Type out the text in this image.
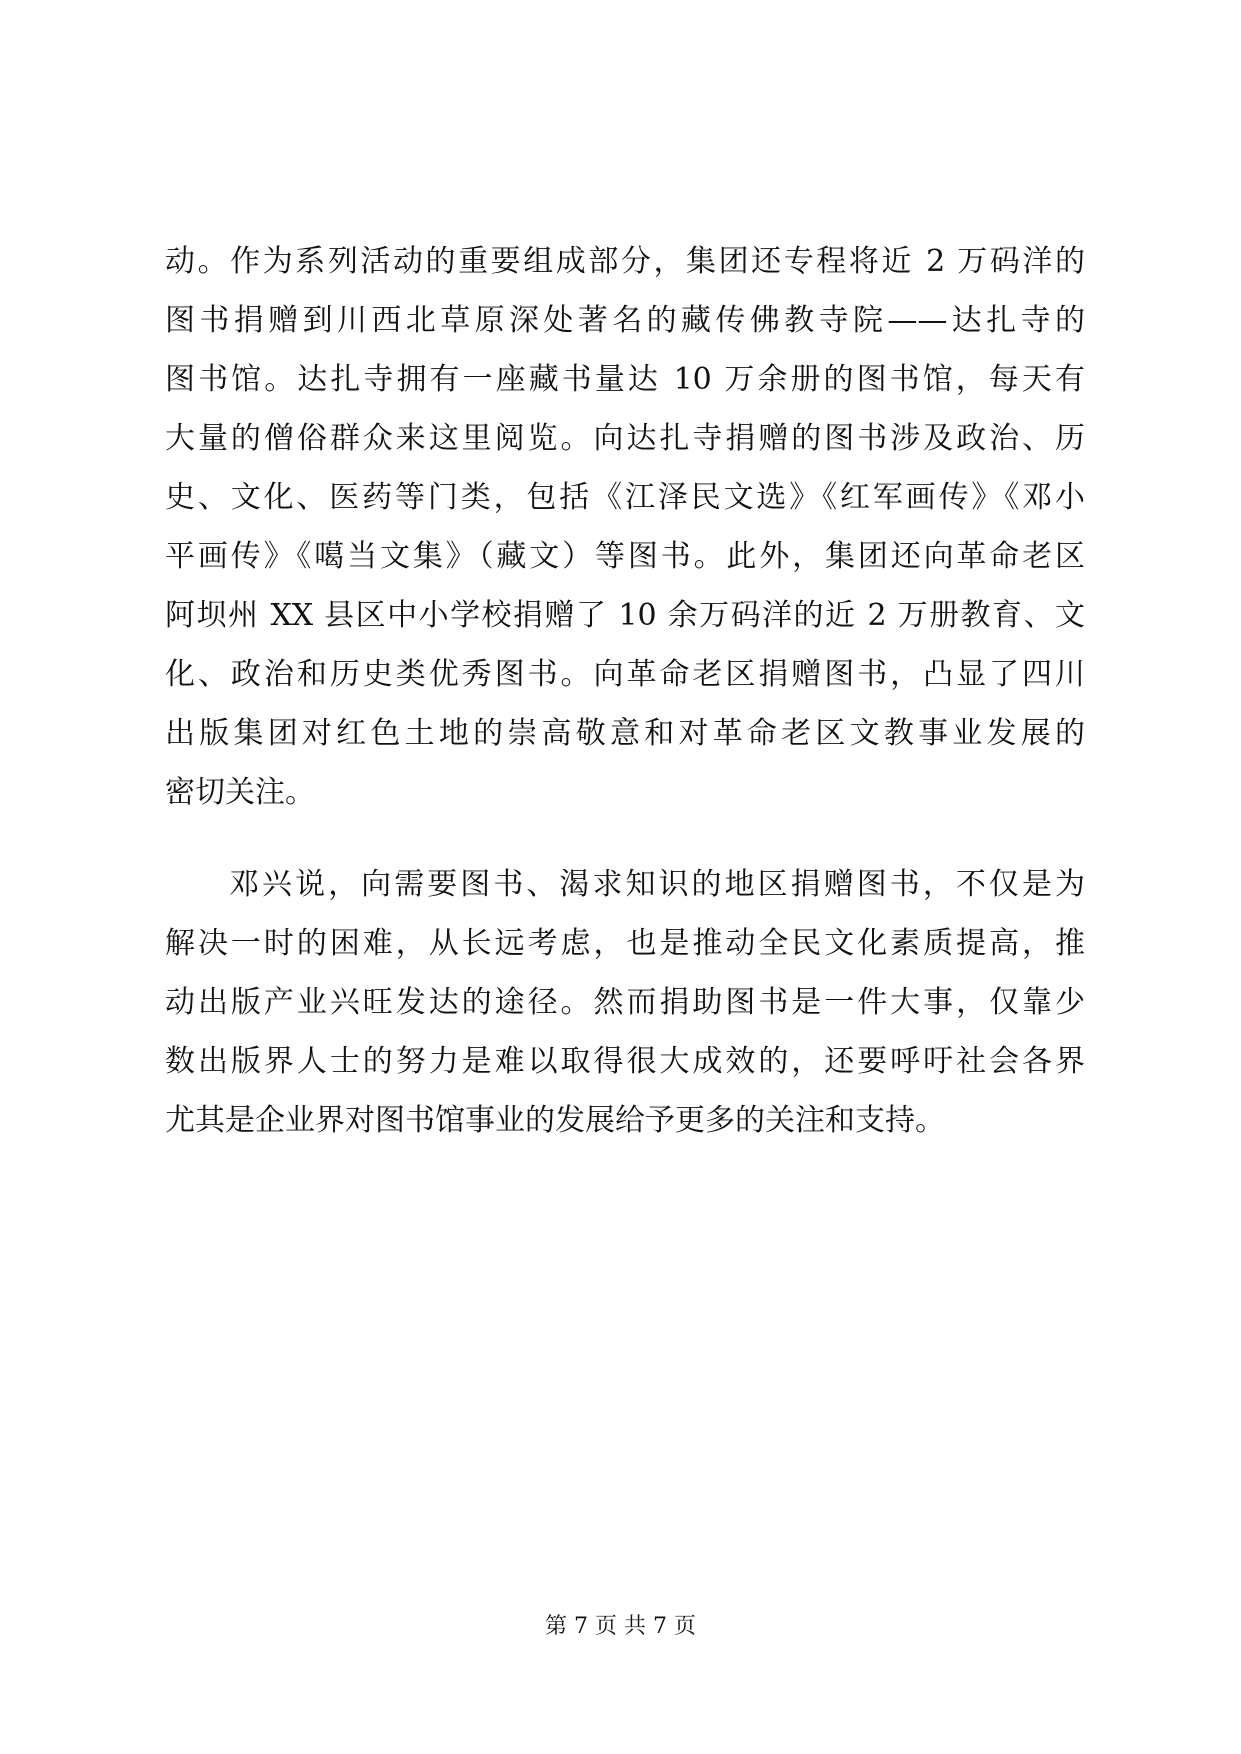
动。作为系列活动的重要组成部分，集团还专程将近 2 万码洋的
图书捐赠到川西北草原深处著名的藏传佛教寺院——达扎寺的
图书馆。达扎寺拥有一座藏书量达 10 万余册的图书馆，每天有
大量的僧俗群众来这里阅览。向达扎寺捐赠的图书涉及政治、历
史、文化、医药等门类，包括《江泽民文选》《红军画传》《邓小
平画传》《噶当文集》（藏文）等图书。此外，集团还向革命老区
阿坝州 XX 县区中小学校捐赠了 10 余万码洋的近 2 万册教育、文
化、政治和历史类优秀图书。向革命老区捐赠图书，凸显了四川
出版集团对红色土地的崇高敬意和对革命老区文教事业发展的
密切关注。
邓兴说，向需要图书、渴求知识的地区捐赠图书，不仅是为
解决一时的困难，从长远考虑，也是推动全民文化素质提高，推
动出版产业兴旺发达的途径。然而捐助图书是一件大事，仅靠少
数出版界人士的努力是难以取得很大成效的，还要呼吁社会各界
尤其是企业界对图书馆事业的发展给予更多的关注和支持。
第 7 页 共 7 页
